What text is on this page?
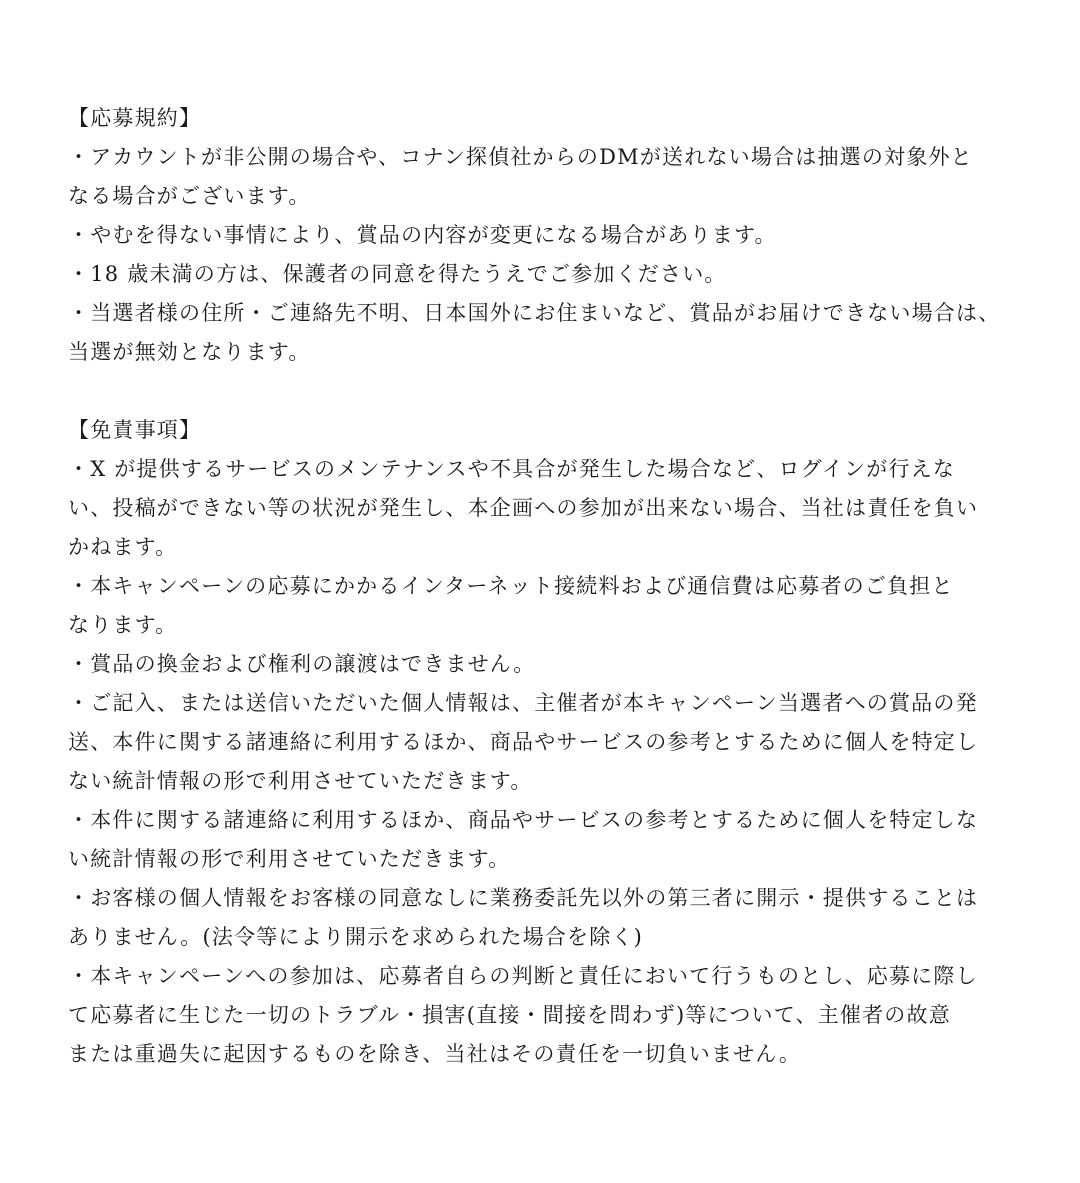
【応募規約】
・アカウントが非公開の場合や、コナン探偵社からのDMが送れない場合は抽選の対象外と
なる場合がございます。
・やむを得ない事情により、賞品の内容が変更になる場合があります。
・18 歳未満の方は、保護者の同意を得たうえでご参加ください。
・当選者様の住所・ご連絡先不明、日本国外にお住まいなど、賞品がお届けできない場合は、
当選が無効となります。
【免責事項】
・X が提供するサービスのメンテナンスや不具合が発生した場合など、ログインが行えな
い、投稿ができない等の状況が発生し、本企画への参加が出来ない場合、当社は責任を負い
かねます。
・本キャンペーンの応募にかかるインターネット接続料および通信費は応募者のご負担と
なります。
・賞品の換金および権利の譲渡はできません。
・ご記入、または送信いただいた個人情報は、主催者が本キャンペーン当選者への賞品の発
送、本件に関する諸連絡に利用するほか、商品やサービスの参考とするために個人を特定し
ない統計情報の形で利用させていただきます。
・本件に関する諸連絡に利用するほか、商品やサービスの参考とするために個人を特定しな
い統計情報の形で利用させていただきます。
・お客様の個人情報をお客様の同意なしに業務委託先以外の第三者に開示・提供することは
ありません。(法令等により開示を求められた場合を除く)
・本キャンペーンへの参加は、応募者自らの判断と責任において行うものとし、応募に際し
て応募者に生じた一切のトラブル・損害(直接・間接を問わず)等について、主催者の故意
または重過失に起因するものを除き、当社はその責任を一切負いません。
